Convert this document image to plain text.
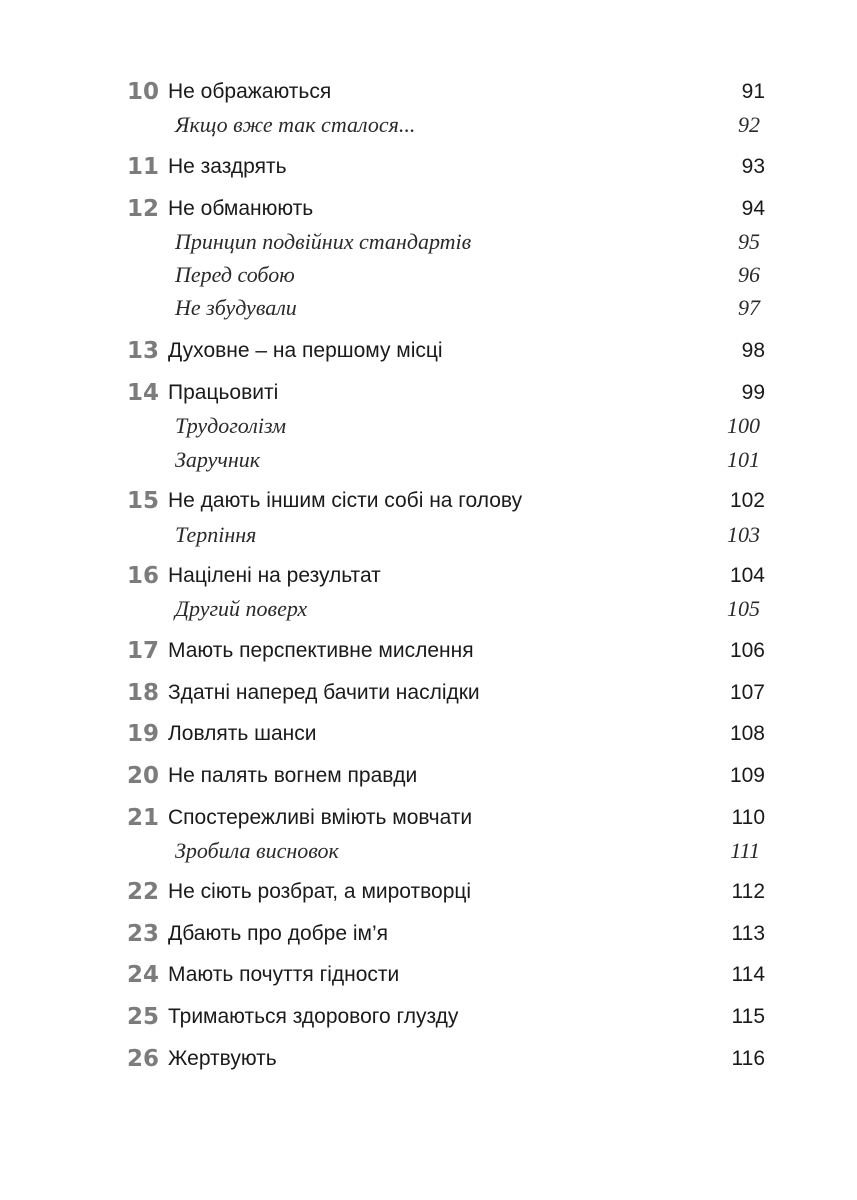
10 Не ображаються	91
Якщо вже так сталося...	92
11 Не заздрять	93
12 Не обманюють	94
Принцип подвійних стандартів	95
Перед собою	96
Не збудували	97
13 Духовне – на першому місці	98
14 Працьовиті	99
Трудоголізм	100
Заручник	101
15 Не дають іншим сісти собі на голову	102
Терпіння	103
16 Націлені на результат	104
Другий поверх	105
17 Мають перспективне мислення	106
18 Здатні наперед бачити наслідки	107
19 Ловлять шанси	108
20 Не палять вогнем правди	109
21 Спостережливі вміють мовчати	110
Зробила висновок	111
22 Не сіють розбрат, а миротворці	112
23 Дбають про добре ім’я	113
24 Мають почуття гідности	114
25 Тримаються здорового глузду	115
26 Жертвують	116
